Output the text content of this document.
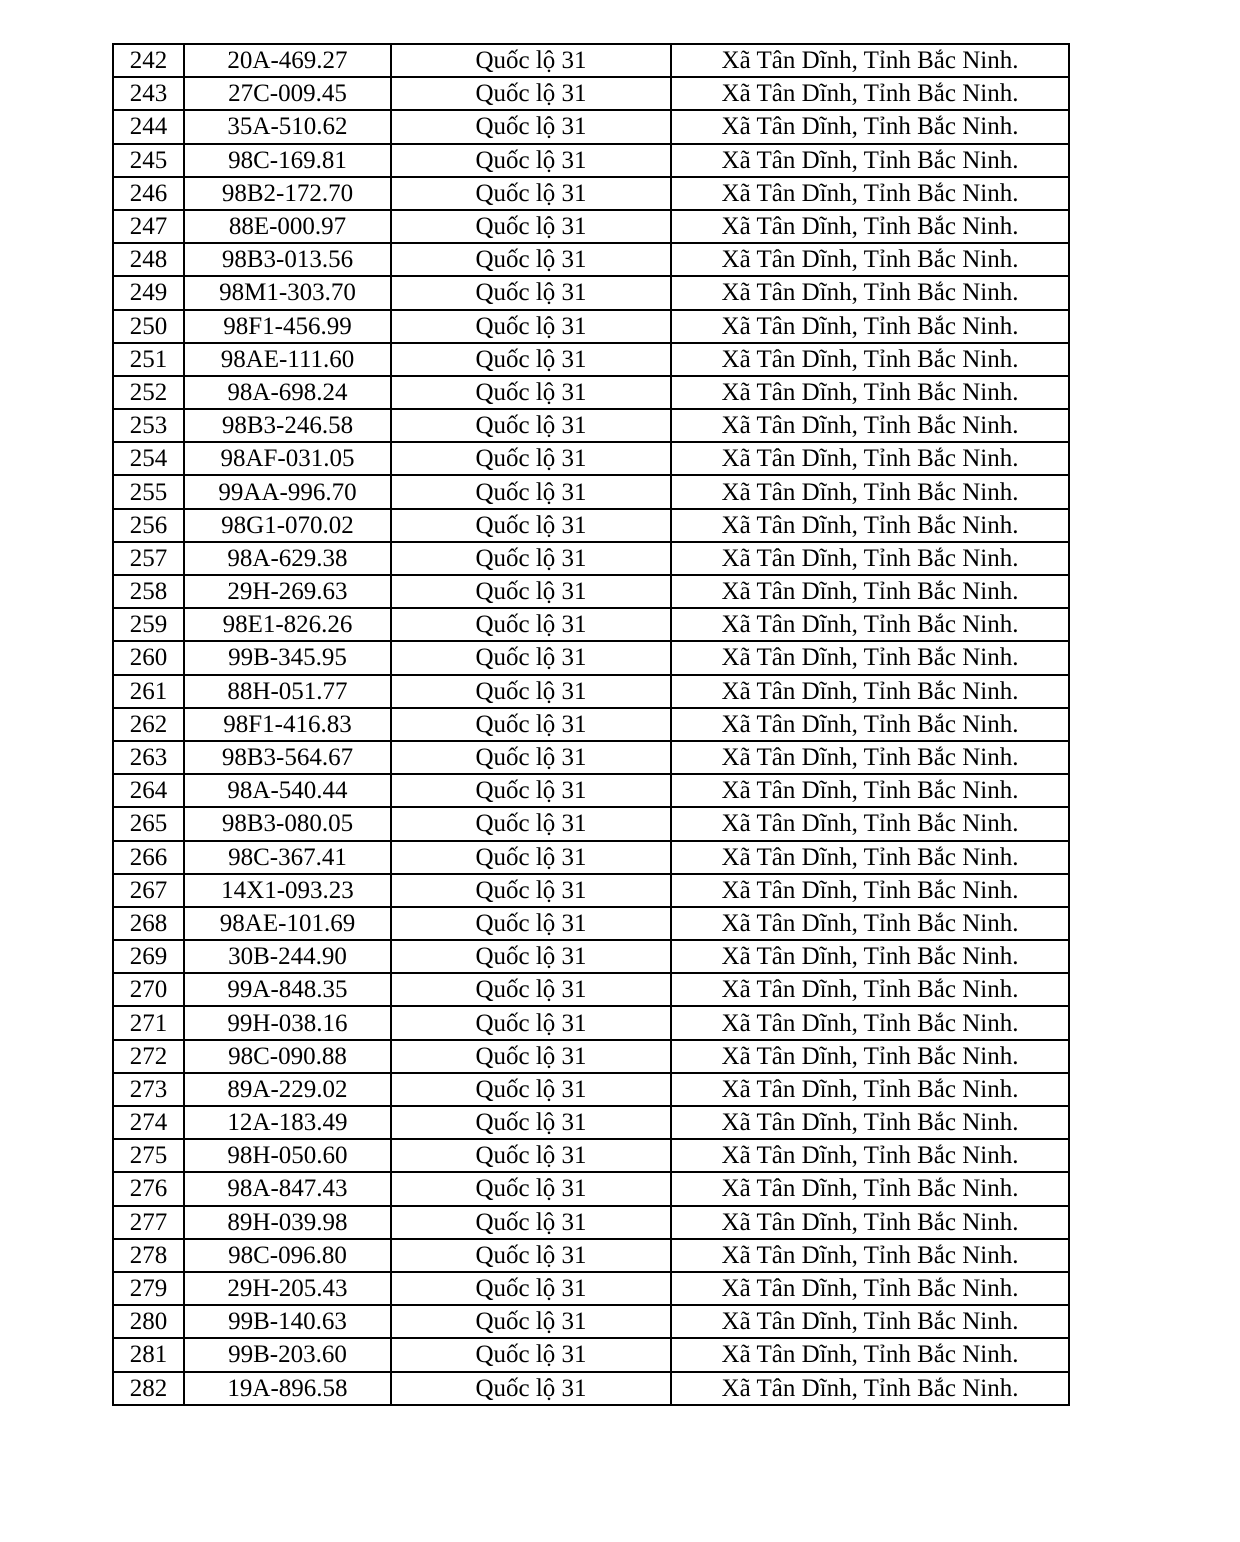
242	20A-469.27	Quốc lộ 31	Xã Tân Dĩnh, Tỉnh Bắc Ninh.
243	27C-009.45	Quốc lộ 31	Xã Tân Dĩnh, Tỉnh Bắc Ninh.
244	35A-510.62	Quốc lộ 31	Xã Tân Dĩnh, Tỉnh Bắc Ninh.
245	98C-169.81	Quốc lộ 31	Xã Tân Dĩnh, Tỉnh Bắc Ninh.
246	98B2-172.70	Quốc lộ 31	Xã Tân Dĩnh, Tỉnh Bắc Ninh.
247	88E-000.97	Quốc lộ 31	Xã Tân Dĩnh, Tỉnh Bắc Ninh.
248	98B3-013.56	Quốc lộ 31	Xã Tân Dĩnh, Tỉnh Bắc Ninh.
249	98M1-303.70	Quốc lộ 31	Xã Tân Dĩnh, Tỉnh Bắc Ninh.
250	98F1-456.99	Quốc lộ 31	Xã Tân Dĩnh, Tỉnh Bắc Ninh.
251	98AE-111.60	Quốc lộ 31	Xã Tân Dĩnh, Tỉnh Bắc Ninh.
252	98A-698.24	Quốc lộ 31	Xã Tân Dĩnh, Tỉnh Bắc Ninh.
253	98B3-246.58	Quốc lộ 31	Xã Tân Dĩnh, Tỉnh Bắc Ninh.
254	98AF-031.05	Quốc lộ 31	Xã Tân Dĩnh, Tỉnh Bắc Ninh.
255	99AA-996.70	Quốc lộ 31	Xã Tân Dĩnh, Tỉnh Bắc Ninh.
256	98G1-070.02	Quốc lộ 31	Xã Tân Dĩnh, Tỉnh Bắc Ninh.
257	98A-629.38	Quốc lộ 31	Xã Tân Dĩnh, Tỉnh Bắc Ninh.
258	29H-269.63	Quốc lộ 31	Xã Tân Dĩnh, Tỉnh Bắc Ninh.
259	98E1-826.26	Quốc lộ 31	Xã Tân Dĩnh, Tỉnh Bắc Ninh.
260	99B-345.95	Quốc lộ 31	Xã Tân Dĩnh, Tỉnh Bắc Ninh.
261	88H-051.77	Quốc lộ 31	Xã Tân Dĩnh, Tỉnh Bắc Ninh.
262	98F1-416.83	Quốc lộ 31	Xã Tân Dĩnh, Tỉnh Bắc Ninh.
263	98B3-564.67	Quốc lộ 31	Xã Tân Dĩnh, Tỉnh Bắc Ninh.
264	98A-540.44	Quốc lộ 31	Xã Tân Dĩnh, Tỉnh Bắc Ninh.
265	98B3-080.05	Quốc lộ 31	Xã Tân Dĩnh, Tỉnh Bắc Ninh.
266	98C-367.41	Quốc lộ 31	Xã Tân Dĩnh, Tỉnh Bắc Ninh.
267	14X1-093.23	Quốc lộ 31	Xã Tân Dĩnh, Tỉnh Bắc Ninh.
268	98AE-101.69	Quốc lộ 31	Xã Tân Dĩnh, Tỉnh Bắc Ninh.
269	30B-244.90	Quốc lộ 31	Xã Tân Dĩnh, Tỉnh Bắc Ninh.
270	99A-848.35	Quốc lộ 31	Xã Tân Dĩnh, Tỉnh Bắc Ninh.
271	99H-038.16	Quốc lộ 31	Xã Tân Dĩnh, Tỉnh Bắc Ninh.
272	98C-090.88	Quốc lộ 31	Xã Tân Dĩnh, Tỉnh Bắc Ninh.
273	89A-229.02	Quốc lộ 31	Xã Tân Dĩnh, Tỉnh Bắc Ninh.
274	12A-183.49	Quốc lộ 31	Xã Tân Dĩnh, Tỉnh Bắc Ninh.
275	98H-050.60	Quốc lộ 31	Xã Tân Dĩnh, Tỉnh Bắc Ninh.
276	98A-847.43	Quốc lộ 31	Xã Tân Dĩnh, Tỉnh Bắc Ninh.
277	89H-039.98	Quốc lộ 31	Xã Tân Dĩnh, Tỉnh Bắc Ninh.
278	98C-096.80	Quốc lộ 31	Xã Tân Dĩnh, Tỉnh Bắc Ninh.
279	29H-205.43	Quốc lộ 31	Xã Tân Dĩnh, Tỉnh Bắc Ninh.
280	99B-140.63	Quốc lộ 31	Xã Tân Dĩnh, Tỉnh Bắc Ninh.
281	99B-203.60	Quốc lộ 31	Xã Tân Dĩnh, Tỉnh Bắc Ninh.
282	19A-896.58	Quốc lộ 31	Xã Tân Dĩnh, Tỉnh Bắc Ninh.
